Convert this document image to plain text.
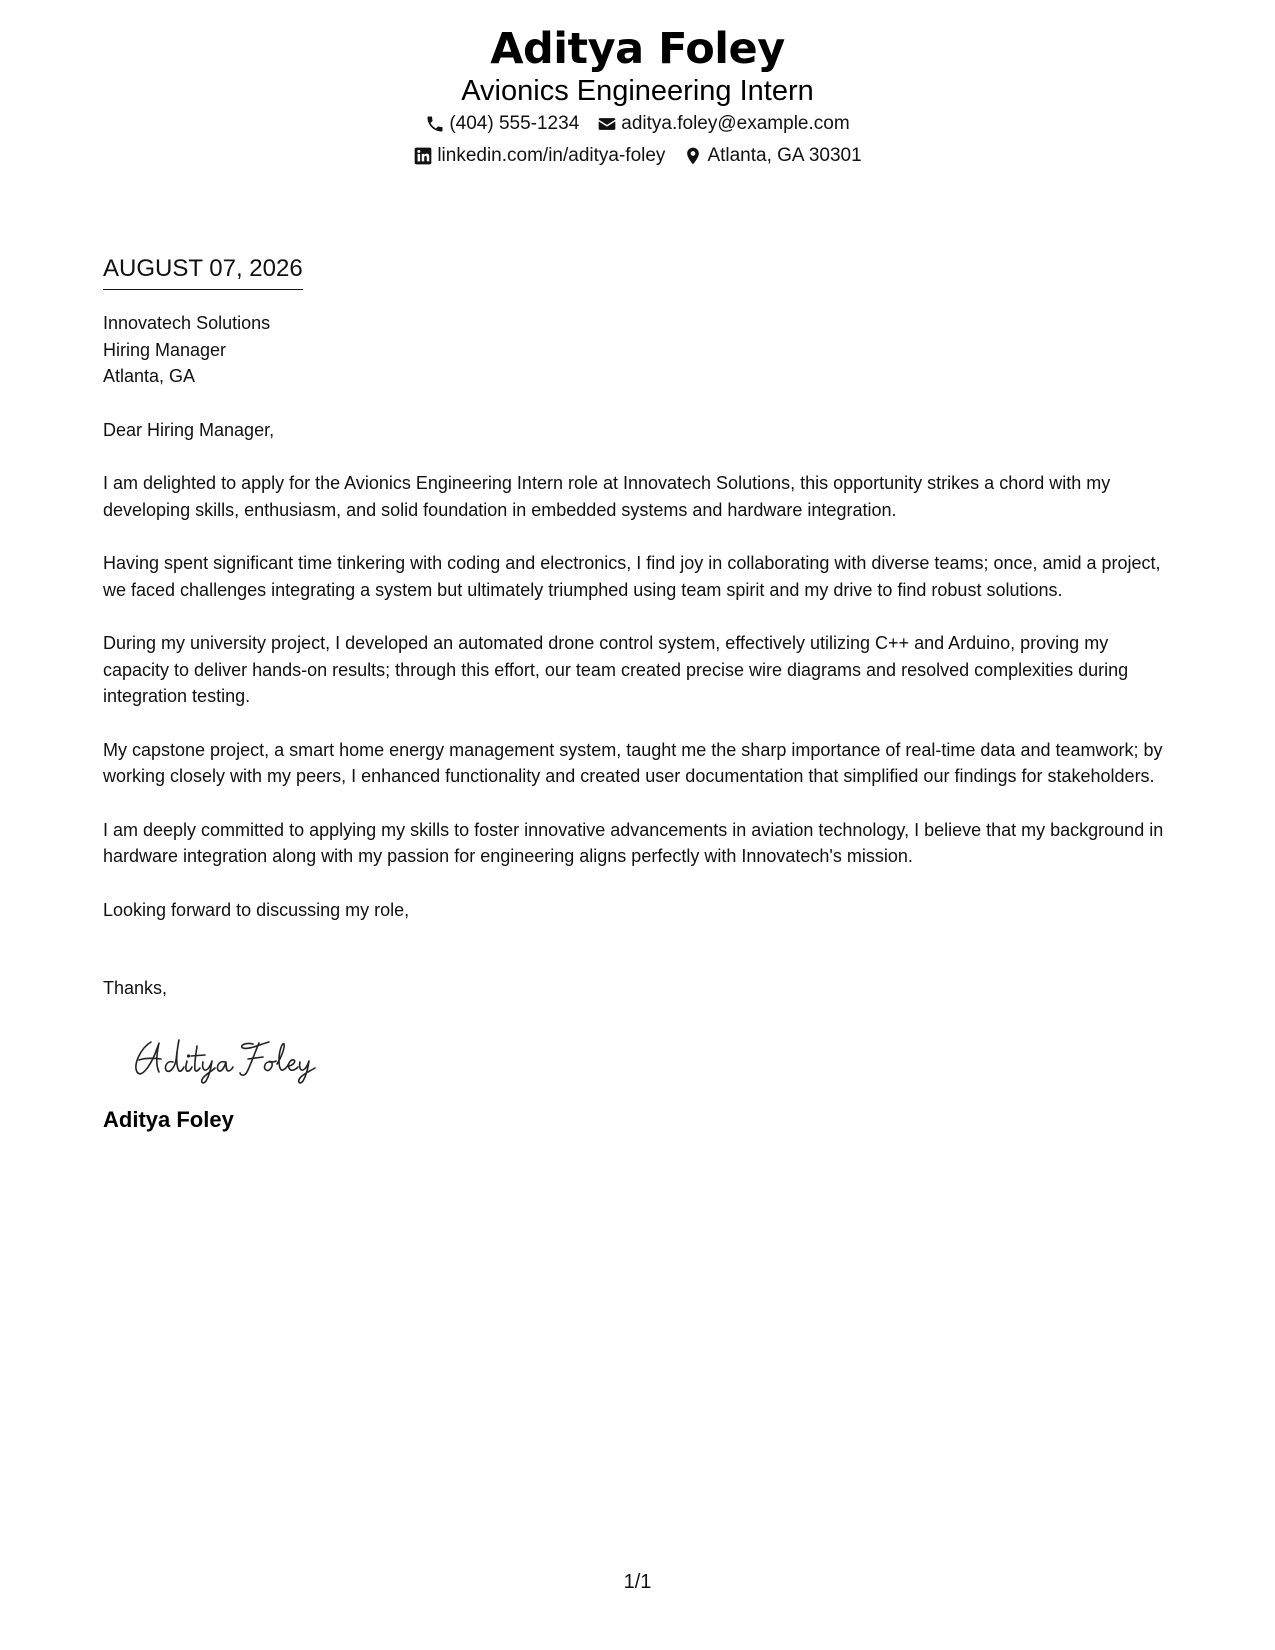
Aditya Foley
Avionics Engineering Intern
(404) 555-1234 aditya.foley@example.com
linkedin.com/in/aditya-foley Atlanta, GA 30301
AUGUST 07, 2026
Innovatech Solutions
Hiring Manager
Atlanta, GA
Dear Hiring Manager,
I am delighted to apply for the Avionics Engineering Intern role at Innovatech Solutions, this opportunity strikes a chord with my developing skills, enthusiasm, and solid foundation in embedded systems and hardware integration.
Having spent significant time tinkering with coding and electronics, I find joy in collaborating with diverse teams; once, amid a project, we faced challenges integrating a system but ultimately triumphed using team spirit and my drive to find robust solutions.
During my university project, I developed an automated drone control system, effectively utilizing C++ and Arduino, proving my capacity to deliver hands-on results; through this effort, our team created precise wire diagrams and resolved complexities during integration testing.
My capstone project, a smart home energy management system, taught me the sharp importance of real-time data and teamwork; by working closely with my peers, I enhanced functionality and created user documentation that simplified our findings for stakeholders.
I am deeply committed to applying my skills to foster innovative advancements in aviation technology, I believe that my background in hardware integration along with my passion for engineering aligns perfectly with Innovatech's mission.
Looking forward to discussing my role,
Thanks,
Aditya Foley
1/1
